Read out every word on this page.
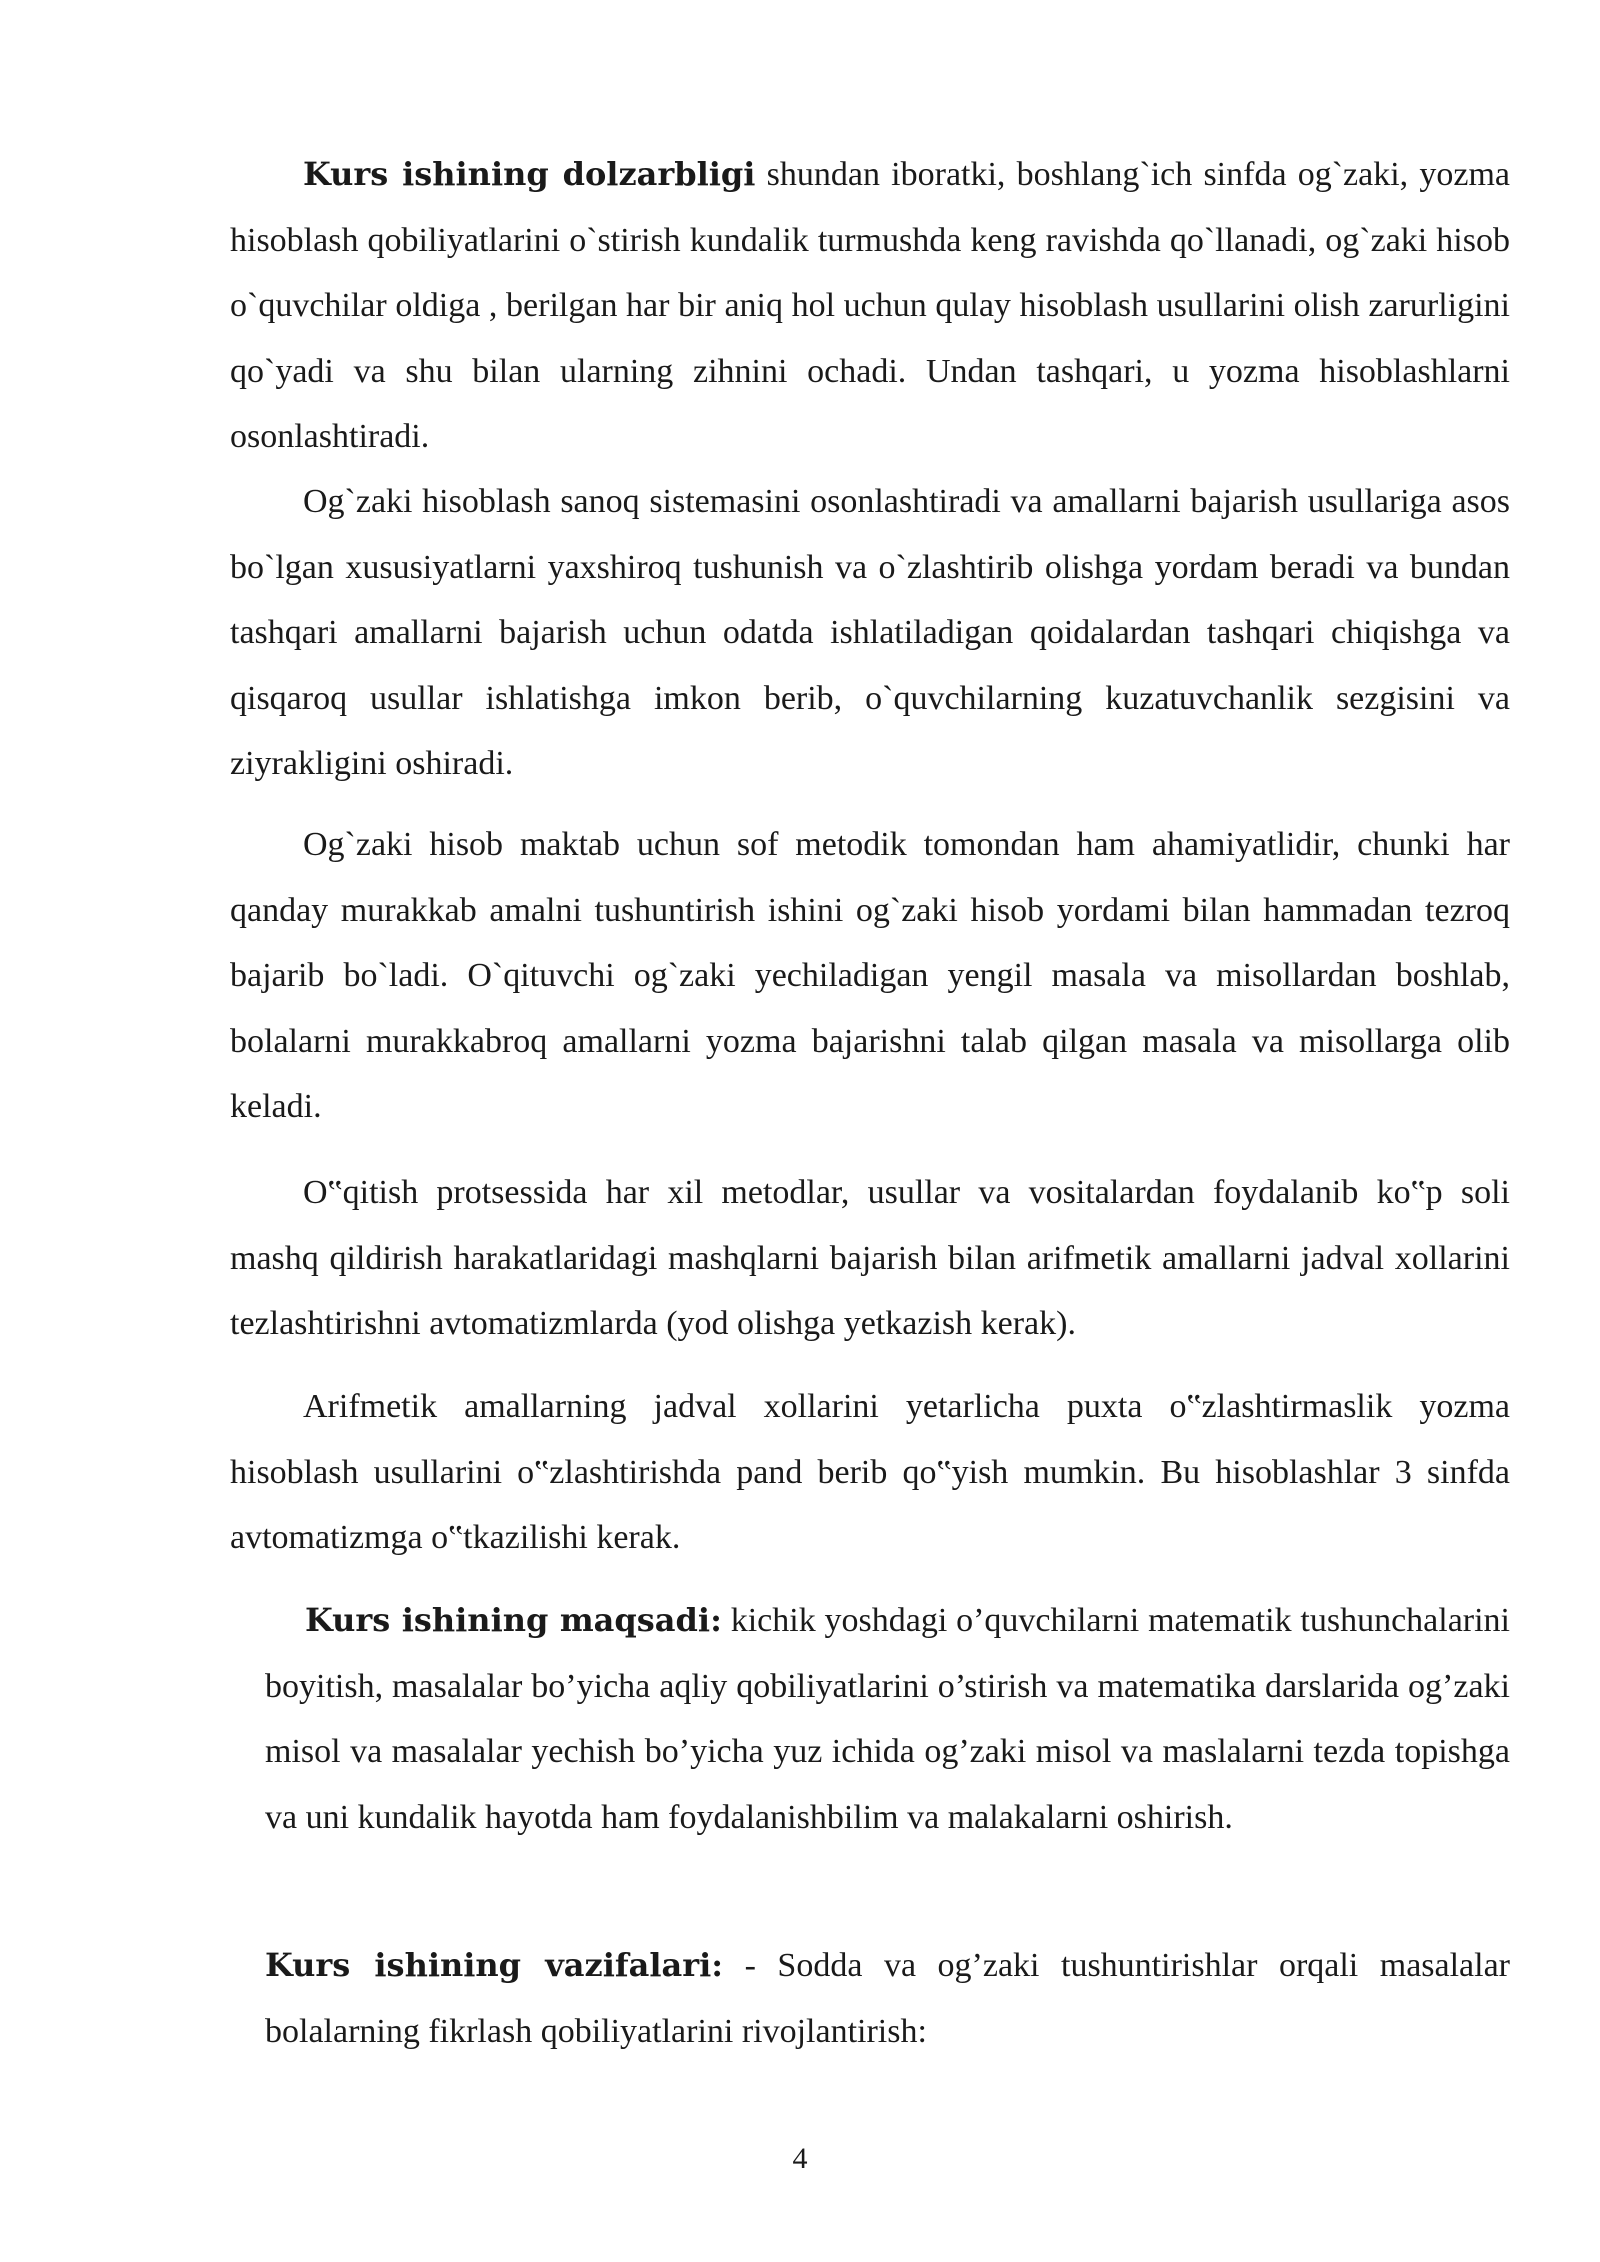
Kurs ishining dolzarbligi shundan iboratki, boshlang`ich sinfda og`zaki, yozma hisoblash qobiliyatlarini o`stirish kundalik turmushda keng ravishda qo`llanadi, og`zaki hisob o`quvchilar oldiga , berilgan har bir aniq hol uchun qulay hisoblash usullarini olish zarurligini qo`yadi va shu bilan ularning zihnini ochadi. Undan tashqari, u yozma hisoblashlarni osonlashtiradi.

Og`zaki hisoblash sanoq sistemasini osonlashtiradi va amallarni bajarish usullariga asos bo`lgan xususiyatlarni yaxshiroq tushunish va o`zlashtirib olishga yordam beradi va bundan tashqari amallarni bajarish uchun odatda ishlatiladigan qoidalardan tashqari chiqishga va qisqaroq usullar ishlatishga imkon berib, o`quvchilarning kuzatuvchanlik sezgisini va ziyrakligini oshiradi.

Og`zaki hisob maktab uchun sof metodik tomondan ham ahamiyatlidir, chunki har qanday murakkab amalni tushuntirish ishini og`zaki hisob yordami bilan hammadan tezroq bajarib bo`ladi. O`qituvchi og`zaki yechiladigan yengil masala va misollardan boshlab, bolalarni murakkabroq amallarni yozma bajarishni talab qilgan masala va misollarga olib keladi.

O‟qitish protsessida har xil metodlar, usullar va vositalardan foydalanib ko‟p soli mashq qildirish harakatlaridagi mashqlarni bajarish bilan arifmetik amallarni jadval xollarini tezlashtirishni avtomatizmlarda (yod olishga yetkazish kerak).

Arifmetik amallarning jadval xollarini yetarlicha puxta o‟zlashtirmaslik yozma hisoblash usullarini o‟zlashtirishda pand berib qo‟yish mumkin. Bu hisoblashlar 3 sinfda avtomatizmga o‟tkazilishi kerak.

Kurs ishining maqsadi: kichik yoshdagi o’quvchilarni matematik tushunchalarini boyitish, masalalar bo’yicha aqliy qobiliyatlarini o’stirish va matematika darslarida og’zaki misol va masalalar yechish bo’yicha yuz ichida og’zaki misol va maslalarni tezda topishga va uni kundalik hayotda ham foydalanishbilim va malakalarni oshirish.

Kurs ishining vazifalari: - Sodda va og’zaki tushuntirishlar orqali masalalar bolalarning fikrlash qobiliyatlarini rivojlantirish:

4
